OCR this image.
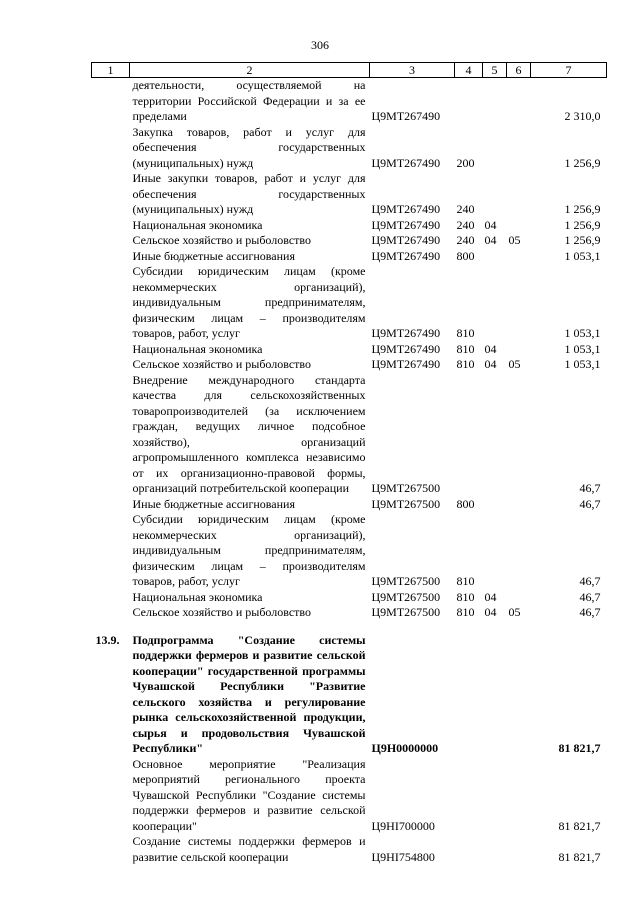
306
1	2	3	4	5	6	7
	деятельности, осуществляемой на территории Российской Федерации и за ее пределами	Ц9МТ267490				2 310,0
	Закупка товаров, работ и услуг для обеспечения государственных (муниципальных) нужд	Ц9МТ267490	200			1 256,9
	Иные закупки товаров, работ и услуг для обеспечения государственных (муниципальных) нужд	Ц9МТ267490	240			1 256,9
	Национальная экономика	Ц9МТ267490	240	04		1 256,9
	Сельское хозяйство и рыболовство	Ц9МТ267490	240	04	05	1 256,9
	Иные бюджетные ассигнования	Ц9МТ267490	800			1 053,1
	Субсидии юридическим лицам (кроме некоммерческих организаций), индивидуальным предпринимателям, физическим лицам – производителям товаров, работ, услуг	Ц9МТ267490	810			1 053,1
	Национальная экономика	Ц9МТ267490	810	04		1 053,1
	Сельское хозяйство и рыболовство	Ц9МТ267490	810	04	05	1 053,1
	Внедрение международного стандарта качества для сельскохозяйственных товаропроизводителей (за исключением граждан, ведущих личное подсобное хозяйство), организаций агропромышленного комплекса независимо от их организационно-правовой формы, организаций потребительской кооперации	Ц9МТ267500				46,7
	Иные бюджетные ассигнования	Ц9МТ267500	800			46,7
	Субсидии юридическим лицам (кроме некоммерческих организаций), индивидуальным предпринимателям, физическим лицам – производителям товаров, работ, услуг	Ц9МТ267500	810			46,7
	Национальная экономика	Ц9МТ267500	810	04		46,7
	Сельское хозяйство и рыболовство	Ц9МТ267500	810	04	05	46,7

13.9.	Подпрограмма "Создание системы поддержки фермеров и развитие сельской кооперации" государственной программы Чувашской Республики "Развитие сельского хозяйства и регулирование рынка сельскохозяйственной продукции, сырья и продовольствия Чувашской Республики"	Ц9Н0000000				81 821,7
	Основное мероприятие "Реализация мероприятий регионального проекта Чувашской Республики "Создание системы поддержки фермеров и развитие сельской кооперации"	Ц9НI700000				81 821,7
	Создание системы поддержки фермеров и развитие сельской кооперации	Ц9НI754800				81 821,7
